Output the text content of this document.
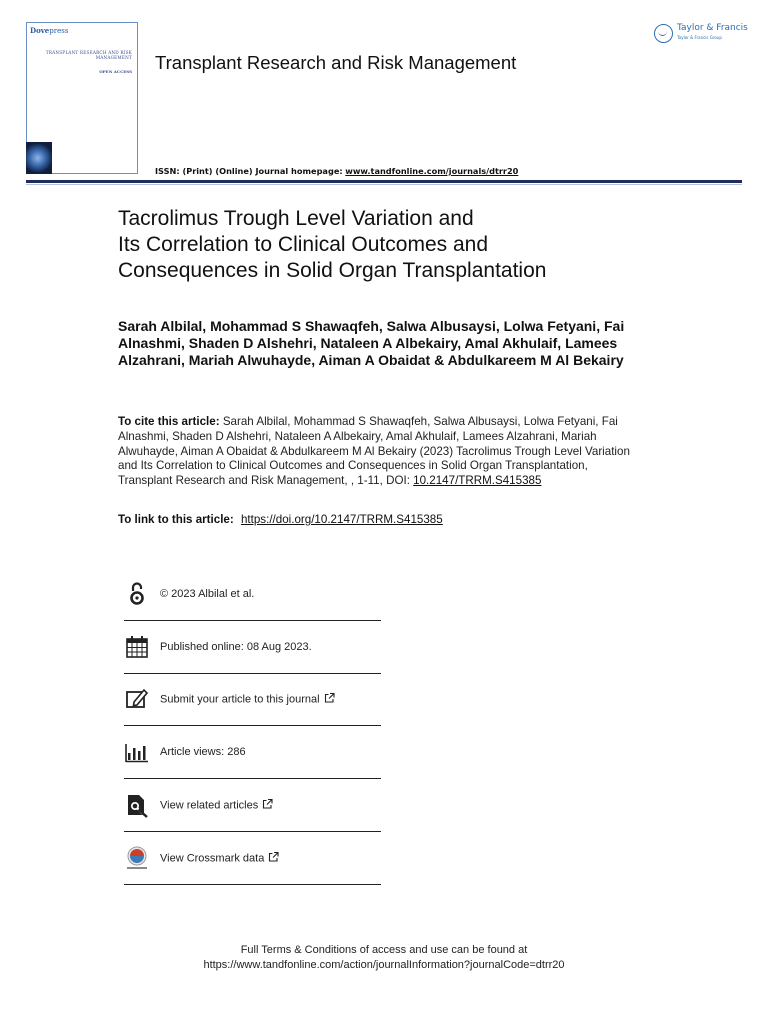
Dovepress
TRANSPLANT RESEARCH AND RISK MANAGEMENT
OPEN ACCESS Transplant Research and Risk Management
ISSN: (Print) (Online) Journal homepage: www.tandfonline.com/journals/dtrr20
Taylor & Francis
Taylor & Francis Group
Tacrolimus Trough Level Variation and
Its Correlation to Clinical Outcomes and
Consequences in Solid Organ Transplantation
Sarah Albilal, Mohammad S Shawaqfeh, Salwa Albusaysi, Lolwa Fetyani, Fai Alnashmi, Shaden D Alshehri, Nataleen A Albekairy, Amal Akhulaif, Lamees Alzahrani, Mariah Alwuhayde, Aiman A Obaidat & Abdulkareem M Al Bekairy
To cite this article: Sarah Albilal, Mohammad S Shawaqfeh, Salwa Albusaysi, Lolwa Fetyani, Fai Alnashmi, Shaden D Alshehri, Nataleen A Albekairy, Amal Akhulaif, Lamees Alzahrani, Mariah Alwuhayde, Aiman A Obaidat & Abdulkareem M Al Bekairy (2023) Tacrolimus Trough Level Variation and Its Correlation to Clinical Outcomes and Consequences in Solid Organ Transplantation, Transplant Research and Risk Management, , 1-11, DOI: 10.2147/TRRM.S415385
To link to this article: https://doi.org/10.2147/TRRM.S415385
© 2023 Albilal et al.
Published online: 08 Aug 2023.
Submit your article to this journal
Article views: 286
View related articles
View Crossmark data
Full Terms & Conditions of access and use can be found at
https://www.tandfonline.com/action/journalInformation?journalCode=dtrr20
